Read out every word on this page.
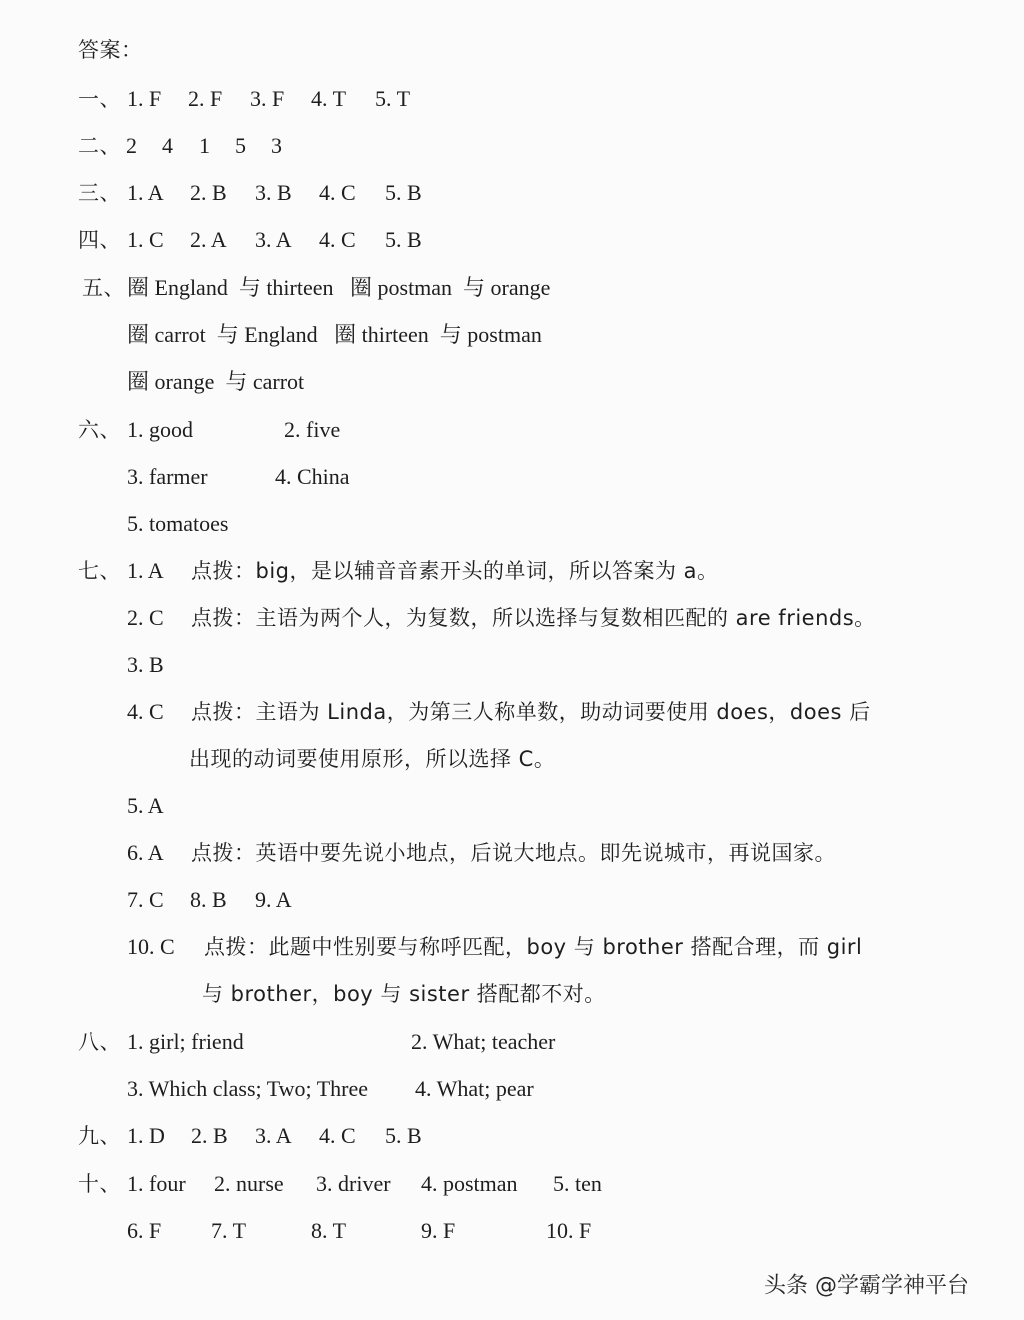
答案：
一、 1. F 2. F 3. F 4. T 5. T
二、 2 4 1 5 3
三、 1. A 2. B 3. B 4. C 5. B
四、 1. C 2. A 3. A 4. C 5. B
五、 圈 England  与 thirteen   圈 postman  与 orange
圈 carrot  与 England   圈 thirteen  与 postman
圈 orange  与 carrot
六、 1. good	2. five
3. farmer	4. China
5. tomatoes
七、 1. A 点拨：big，是以辅音音素开头的单词，所以答案为 a。
2. C 点拨：主语为两个人，为复数，所以选择与复数相匹配的 are friends。
3. B
4. C 点拨：主语为 Linda，为第三人称单数，助动词要使用 does，does 后
出现的动词要使用原形，所以选择 C。
5. A
6. A 点拨：英语中要先说小地点，后说大地点。即先说城市，再说国家。
7. C 8. B 9. A
10. C 点拨：此题中性别要与称呼匹配，boy 与 brother 搭配合理，而 girl
与 brother，boy 与 sister 搭配都不对。
八、 1. girl; friend	2. What; teacher
3. Which class; Two; Three 4. What; pear
九、 1. D 2. B 3. A 4. C 5. B
十、 1. four 2. nurse 3. driver 4. postman 5. ten
6. F 7. T	8. T	9. F	10. F
头条 @学霸学神平台
